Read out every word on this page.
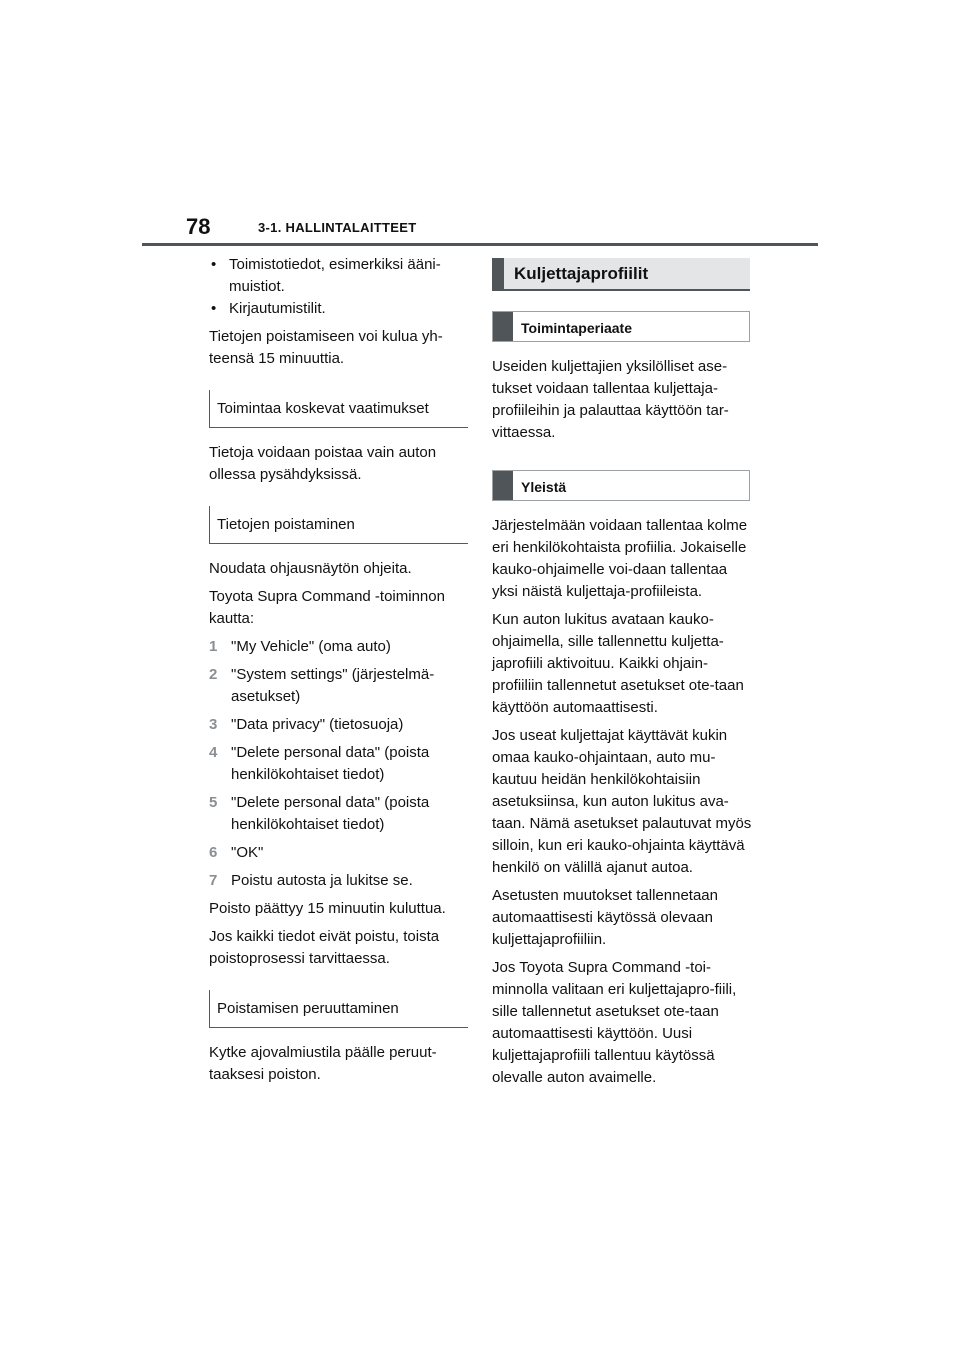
78	3-1. HALLINTALAITTEET
• Toimistotiedot, esimerkiksi ääni-muistiot.
• Kirjautumistilit.

Tietojen poistamiseen voi kulua yh-teensä 15 minuuttia.

Toimintaa koskevat vaatimukset

Tietoja voidaan poistaa vain auton ollessa pysähdyksissä.

Tietojen poistaminen

Noudata ohjausnäytön ohjeita.

Toyota Supra Command -toiminnon kautta:

1 "My Vehicle" (oma auto)
2 "System settings" (järjestelmä-asetukset)
3 "Data privacy" (tietosuoja)
4 "Delete personal data" (poista henkilökohtaiset tiedot)
5 "Delete personal data" (poista henkilökohtaiset tiedot)
6 "OK"
7 Poistu autosta ja lukitse se.

Poisto päättyy 15 minuutin kuluttua.

Jos kaikki tiedot eivät poistu, toista poistoprosessi tarvittaessa.

Poistamisen peruuttaminen

Kytke ajovalmiustila päälle peruut-taaksesi poiston.

Kuljettajaprofiilit
Toimintaperiaate

Useiden kuljettajien yksilölliset ase-tukset voidaan tallentaa kuljettaja-profiileihin ja palauttaa käyttöön tar-vittaessa.

Yleistä

Järjestelmään voidaan tallentaa kolme eri henkilökohtaista profiilia. Jokaiselle kauko-ohjaimelle voi-daan tallentaa yksi näistä kuljettaja-profiileista.

Kun auton lukitus avataan kauko-ohjaimella, sille tallennettu kuljetta-japrofiili aktivoituu. Kaikki ohjain-profiiliin tallennetut asetukset ote-taan käyttöön automaattisesti.

Jos useat kuljettajat käyttävät kukin omaa kauko-ohjaintaan, auto mu-kautuu heidän henkilökohtaisiin asetuksiinsa, kun auton lukitus ava-taan. Nämä asetukset palautuvat myös silloin, kun eri kauko-ohjainta käyttävä henkilö on välillä ajanut autoa.

Asetusten muutokset tallennetaan automaattisesti käytössä olevaan kuljettajaprofiiliin.

Jos Toyota Supra Command -toi-minnolla valitaan eri kuljettajapro-fiili, sille tallennetut asetukset ote-taan automaattisesti käyttöön. Uusi kuljettajaprofiili tallentuu käytössä olevalle auton avaimelle.
